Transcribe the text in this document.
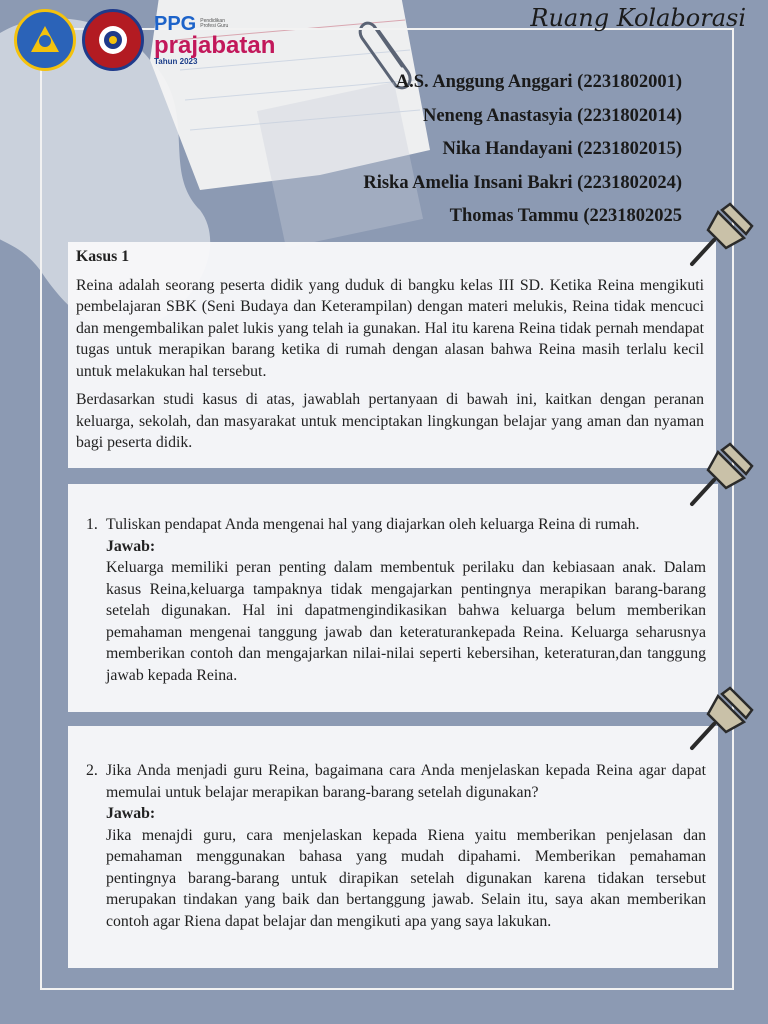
PPG Pendidikan Profesi Guru
prajabatan
Tahun 2023
Ruang Kolaborasi
A.S. Anggung Anggari (2231802001)
Neneng Anastasyia (2231802014)
Nika Handayani (2231802015)
Riska Amelia Insani Bakri (2231802024)
Thomas Tammu (2231802025
Kasus 1

Reina adalah seorang peserta didik yang duduk di bangku kelas III SD. Ketika Reina mengikuti pembelajaran SBK (Seni Budaya dan Keterampilan) dengan materi melukis, Reina tidak mencuci dan mengembalikan palet lukis yang telah ia gunakan. Hal itu karena Reina tidak pernah mendapat tugas untuk merapikan barang ketika di rumah dengan alasan bahwa Reina masih terlalu kecil untuk melakukan hal tersebut.

Berdasarkan studi kasus di atas, jawablah pertanyaan di bawah ini, kaitkan dengan peranan keluarga, sekolah, dan masyarakat untuk menciptakan lingkungan belajar yang aman dan nyaman bagi peserta didik.

1. Tuliskan pendapat Anda mengenai hal yang diajarkan oleh keluarga Reina di rumah.
Jawab:
Keluarga memiliki peran penting dalam membentuk perilaku dan kebiasaan anak. Dalam kasus Reina,keluarga tampaknya tidak mengajarkan pentingnya merapikan barang-barang setelah digunakan. Hal ini dapatmengindikasikan bahwa keluarga belum memberikan pemahaman mengenai tanggung jawab dan keteraturankepada Reina. Keluarga seharusnya memberikan contoh dan mengajarkan nilai-nilai seperti kebersihan, keteraturan,dan tanggung jawab kepada Reina.
2. Jika Anda menjadi guru Reina, bagaimana cara Anda menjelaskan kepada Reina agar dapat memulai untuk belajar merapikan barang-barang setelah digunakan?
Jawab:
Jika menajdi guru, cara menjelaskan kepada Riena yaitu memberikan penjelasan dan pemahaman menggunakan bahasa yang mudah dipahami. Memberikan pemahaman pentingnya barang-barang untuk dirapikan setelah digunakan karena tidakan tersebut merupakan tindakan yang baik dan bertanggung jawab. Selain itu, saya akan memberikan contoh agar Riena dapat belajar dan mengikuti apa yang saya lakukan.
